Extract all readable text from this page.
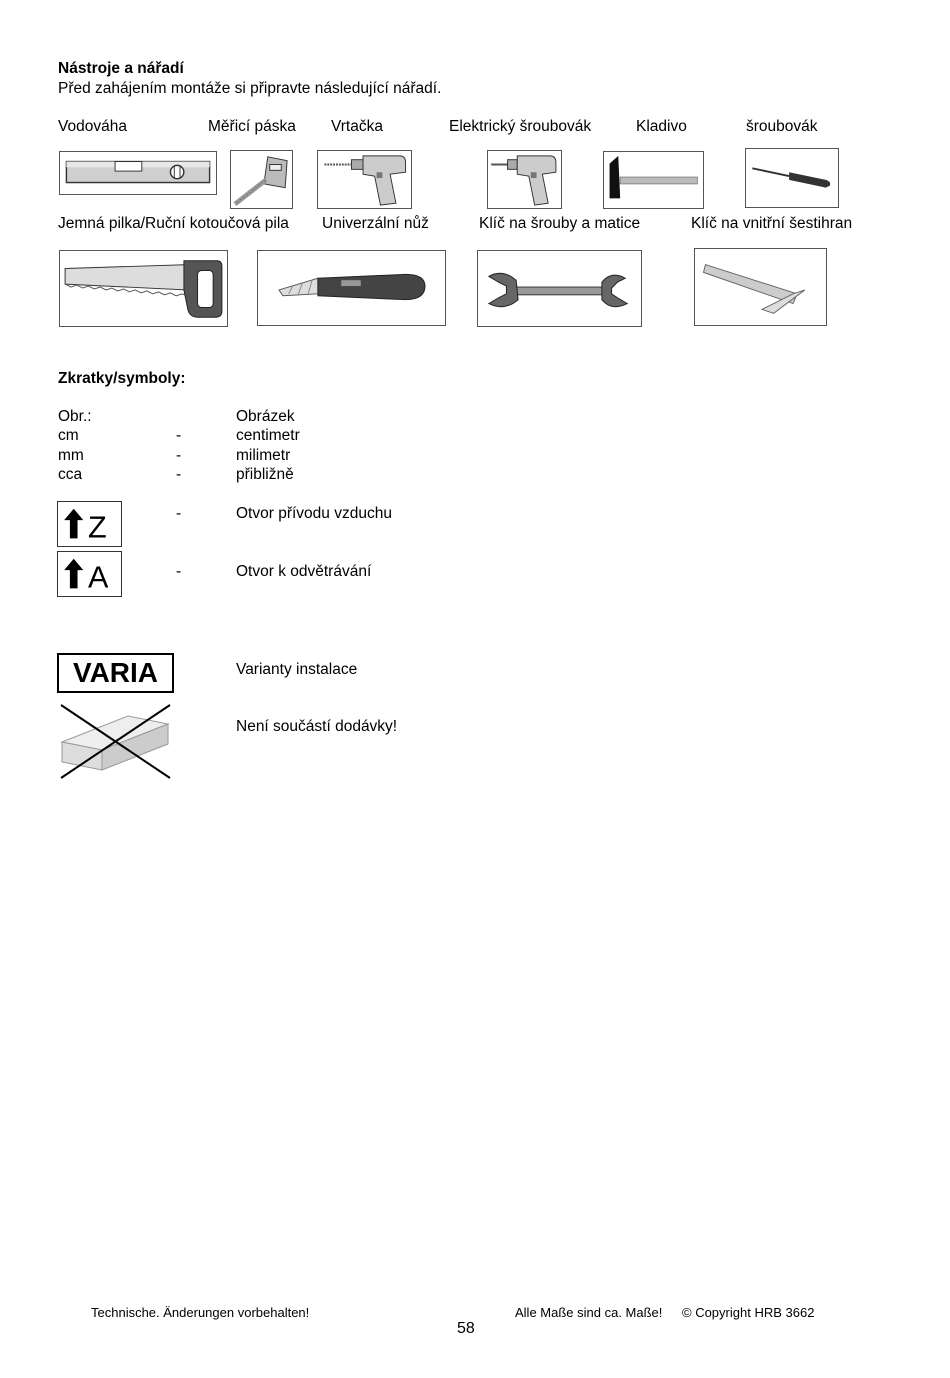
Nástroje a nářadí
Před zahájením montáže si připravte následující nářadí.
Vodováha	Měřicí páska Vrtačka	Elektrický šroubovák	Kladivo	šroubovák
Jemná pilka/Ruční kotoučová pila Univerzální nůž	Klíč na šrouby a matice	Klíč na vnitřní šestihran
Zkratky/symboly:
Obr.:	Obrázek
cm	-	centimetr
mm	-	milimetr
cca	-	přibližně
Z	-	Otvor přívodu vzduchu
A	-	Otvor k odvětrávání
VARIA	Varianty instalace
Není součástí dodávky!
Technische. Änderungen vorbehalten!	Alle Maße sind ca. Maße! © Copyright HRB 3662
58
